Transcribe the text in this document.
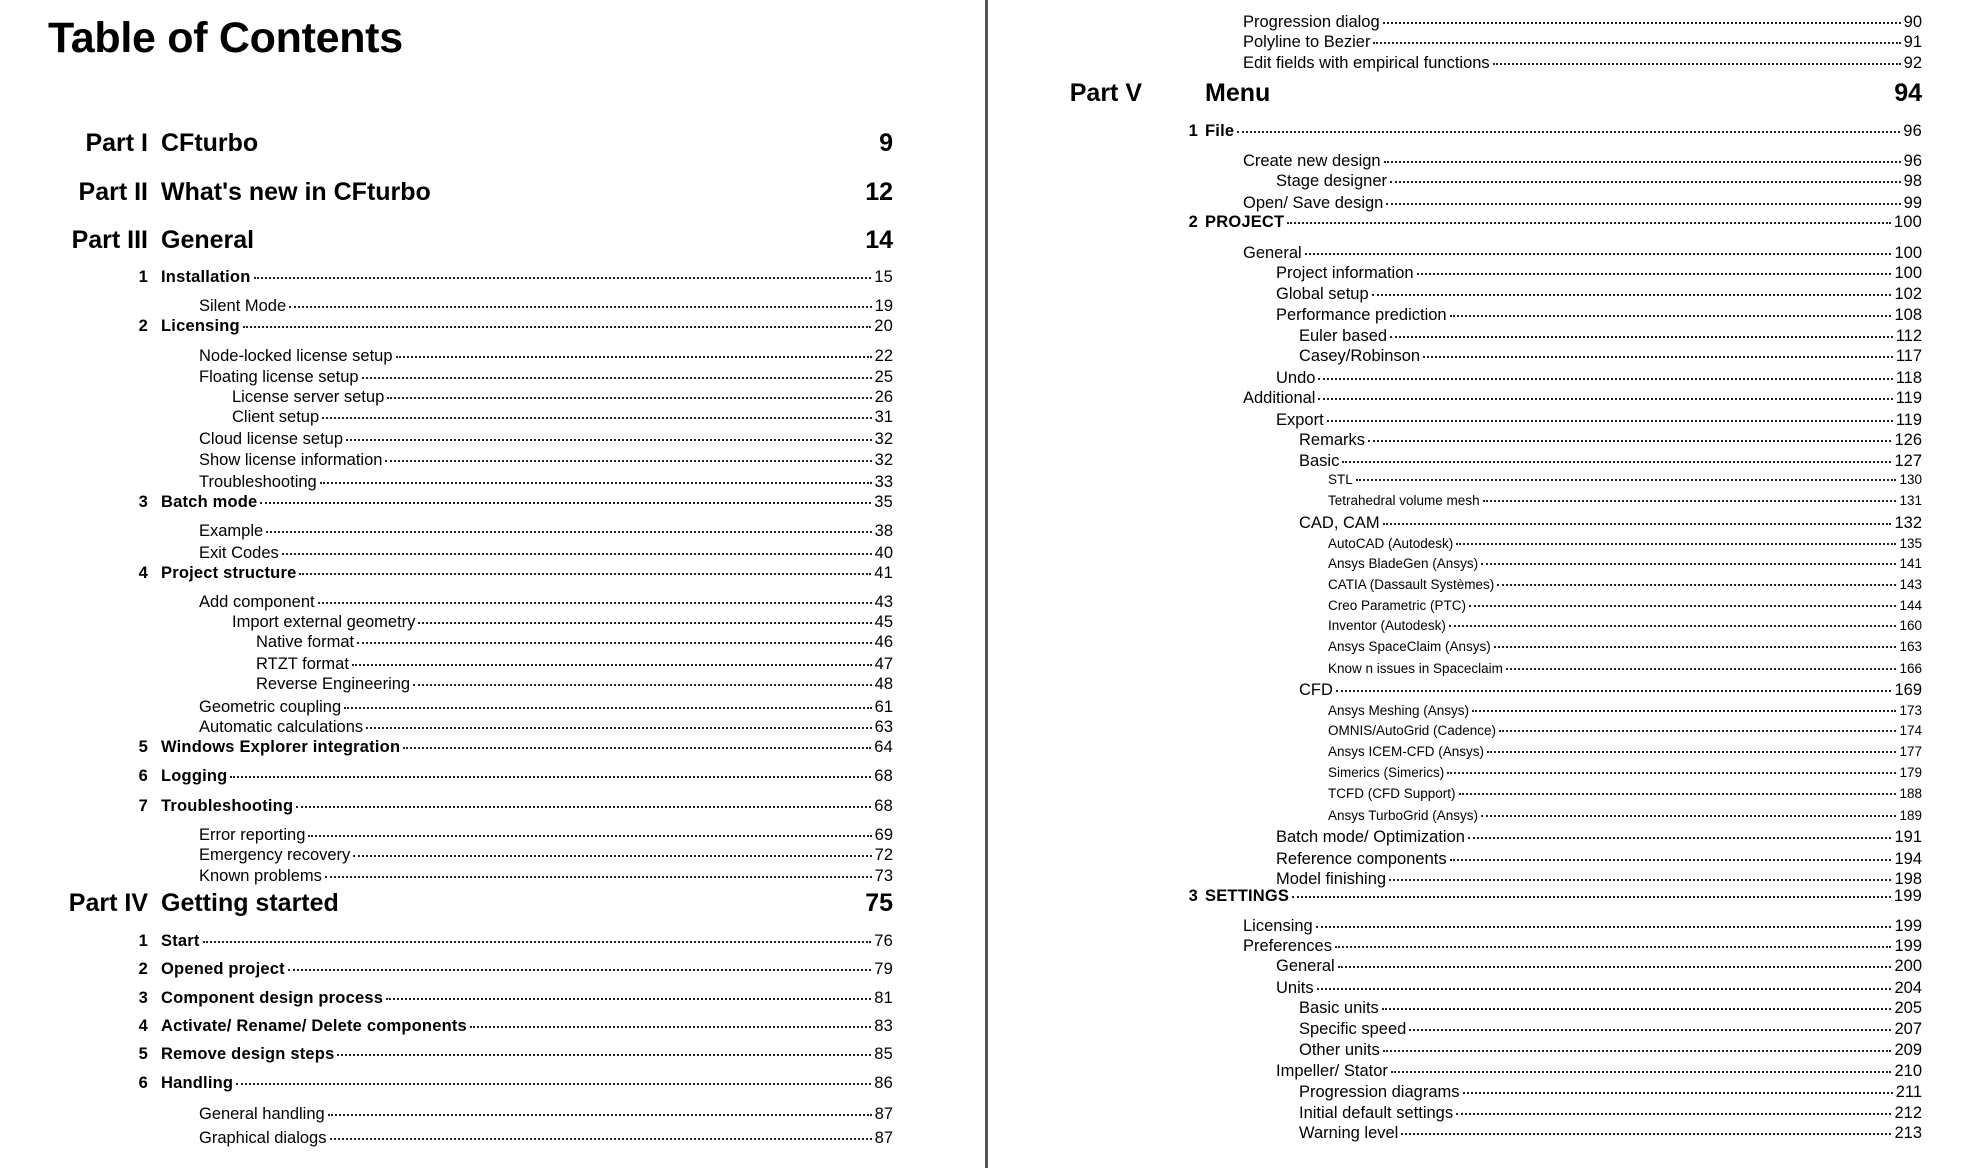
Table of Contents
Part I CFturbo	9
Part II What's new in CFturbo	12
Part III General	14
1 Installation	15
Silent Mode	19
2 Licensing	20
Node-locked license setup	22
Floating license setup	25
License server setup	26
Client setup	31
Cloud license setup	32
Show license information	32
Troubleshooting	33
3 Batch mode	35
Example	38
Exit Codes	40
4 Project structure	41
Add component	43
Import external geometry	45
Native format	46
RTZT format	47
Reverse Engineering	48
Geometric coupling	61
Automatic calculations	63
5 Windows Explorer integration	64
6 Logging	68
7 Troubleshooting	68
Error reporting	69
Emergency recovery	72
Known problems	73
Part IV Getting started	75
1 Start	76
2 Opened project	79
3 Component design process	81
4 Activate/ Rename/ Delete components	83
5 Remove design steps	85
6 Handling	86
General handling	87
Graphical dialogs	87
Progression dialog	90
Polyline to Bezier	91
Edit fields with empirical functions	92
Part V	Menu	94
1 File	96
Create new design	96
Stage designer	98
Open/ Save design	99
2 PROJECT	100
General	100
Project information	100
Global setup	102
Performance prediction	108
Euler based	112
Casey/Robinson	117
Undo	118
Additional	119
Export	119
Remarks	126
Basic	127
STL	130
Tetrahedral volume mesh	131
CAD, CAM	132
AutoCAD (Autodesk)	135
Ansys BladeGen (Ansys)	141
CATIA (Dassault Systèmes)	143
Creo Parametric (PTC)	144
Inventor (Autodesk)	160
Ansys SpaceClaim (Ansys)	163
Know n issues in Spaceclaim	166
CFD	169
Ansys Meshing (Ansys)	173
OMNIS/AutoGrid (Cadence)	174
Ansys ICEM-CFD (Ansys)	177
Simerics (Simerics)	179
TCFD (CFD Support)	188
Ansys TurboGrid (Ansys)	189
Batch mode/ Optimization	191
Reference components	194
Model finishing	198
3 SETTINGS	199
Licensing	199
Preferences	199
General	200
Units	204
Basic units	205
Specific speed	207
Other units	209
Impeller/ Stator	210
Progression diagrams	211
Initial default settings	212
Warning level	213
